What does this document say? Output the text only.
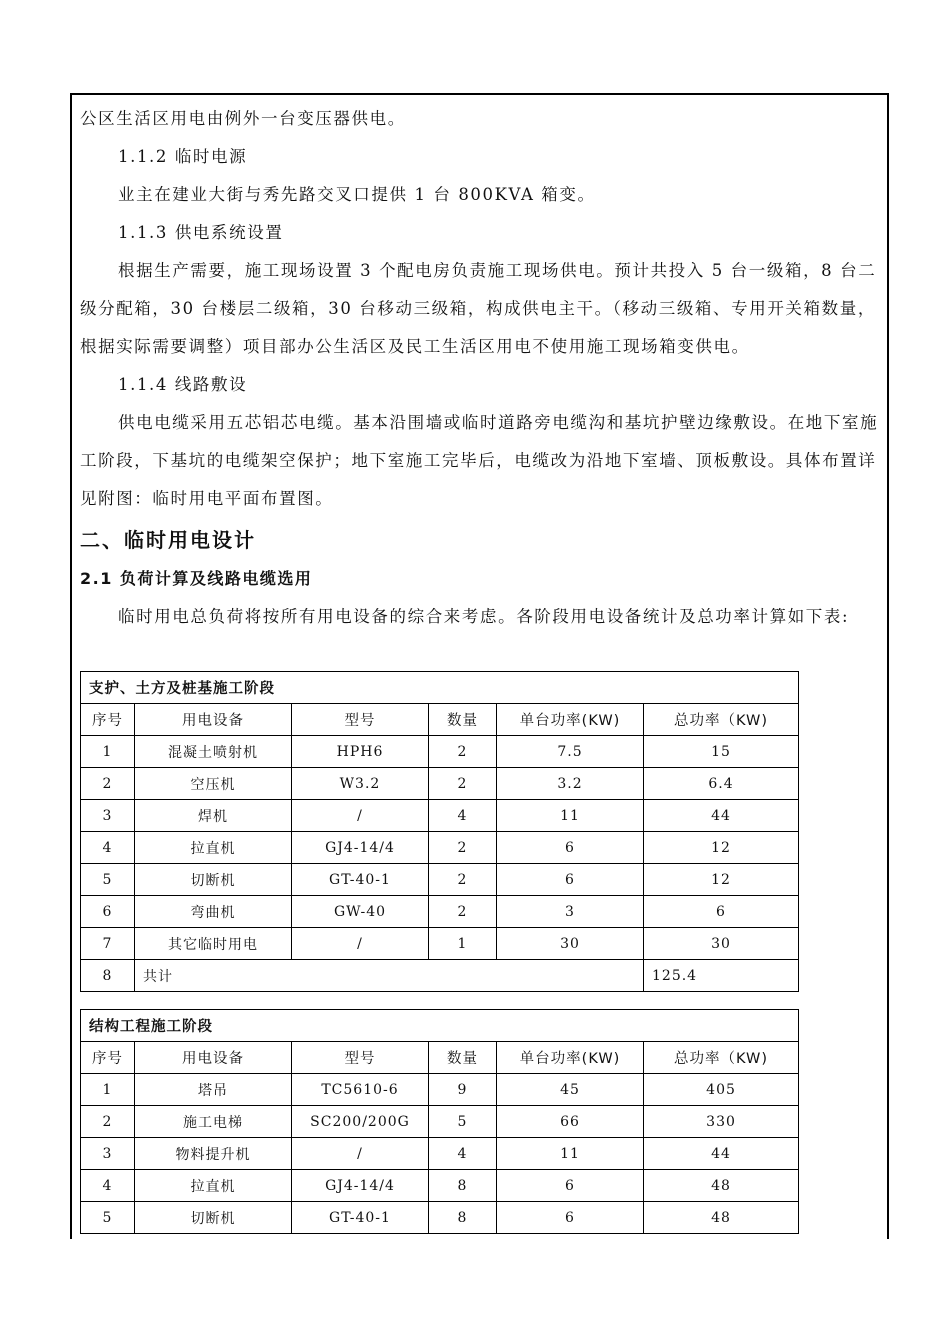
公区生活区用电由例外一台变压器供电。

1.1.2 临时电源

业主在建业大街与秀先路交叉口提供 1 台 800KVA 箱变。

1.1.3 供电系统设置

根据生产需要，施工现场设置 3 个配电房负责施工现场供电。预计共投入 5 台一级箱，8 台二级分配箱，30 台楼层二级箱，30 台移动三级箱，构成供电主干。（移动三级箱、专用开关箱数量，根据实际需要调整）项目部办公生活区及民工生活区用电不使用施工现场箱变供电。

1.1.4 线路敷设

供电电缆采用五芯铝芯电缆。基本沿围墙或临时道路旁电缆沟和基坑护壁边缘敷设。在地下室施工阶段，下基坑的电缆架空保护；地下室施工完毕后，电缆改为沿地下室墙、顶板敷设。具体布置详见附图：临时用电平面布置图。

二、临时用电设计
2.1 负荷计算及线路电缆选用

临时用电总负荷将按所有用电设备的综合来考虑。各阶段用电设备统计及总功率计算如下表:

支护、土方及桩基施工阶段					
序号	用电设备	型号	数量	单台功率(KW)	总功率（KW)
1	混凝土喷射机	HPH6	2	7.5	15
2	空压机	W3.2	2	3.2	6.4
3	焊机	/	4	11	44
4	拉直机	GJ4-14/4	2	6	12
5	切断机	GT-40-1	2	6	12
6	弯曲机	GW-40	2	3	6
7	其它临时用电	/	1	30	30
8	共计				125.4
结构工程施工阶段					
序号	用电设备	型号	数量	单台功率(KW)	总功率（KW)
1	塔吊	TC5610-6	9	45	405
2	施工电梯	SC200/200G	5	66	330
3	物料提升机	/	4	11	44
4	拉直机	GJ4-14/4	8	6	48
5	切断机	GT-40-1	8	6	48
